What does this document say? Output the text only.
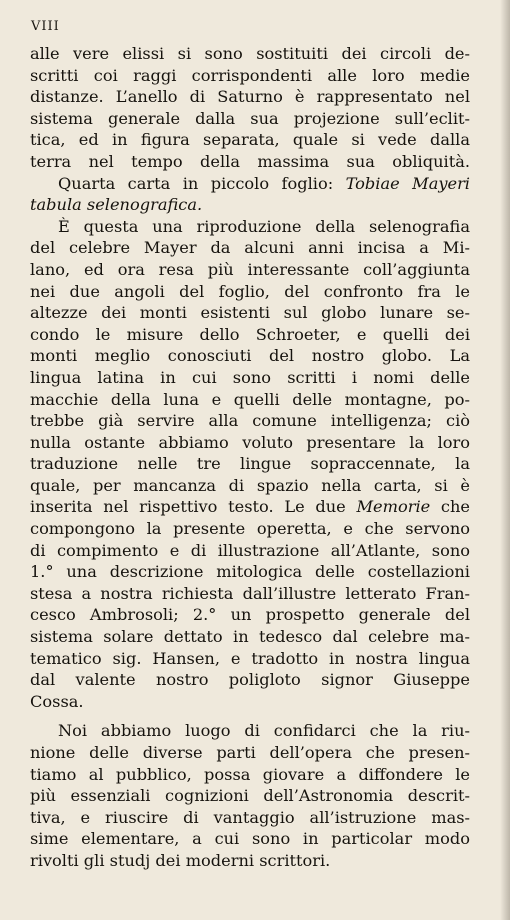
VIII
alle vere elissi si sono sostituiti dei circoli de-
scritti coi raggi corrispondenti alle loro medie
distanze. L’anello di Saturno è rappresentato nel
sistema generale dalla sua projezione sull’eclit-
tica, ed in figura separata, quale si vede dalla
terra nel tempo della massima sua obliquità.
Quarta carta in piccolo foglio: Tobiae Mayeri
tabula selenografica.
È questa una riproduzione della selenografia
del celebre Mayer da alcuni anni incisa a Mi-
lano, ed ora resa più interessante coll’aggiunta
nei due angoli del foglio, del confronto fra le
altezze dei monti esistenti sul globo lunare se-
condo le misure dello Schroeter, e quelli dei
monti meglio conosciuti del nostro globo. La
lingua latina in cui sono scritti i nomi delle
macchie della luna e quelli delle montagne, po-
trebbe già servire alla comune intelligenza; ciò
nulla ostante abbiamo voluto presentare la loro
traduzione nelle tre lingue sopraccennate, la
quale, per mancanza di spazio nella carta, si è
inserita nel rispettivo testo. Le due Memorie che
compongono la presente operetta, e che servono
di compimento e di illustrazione all’Atlante, sono
1.° una descrizione mitologica delle costellazioni
stesa a nostra richiesta dall’illustre letterato Fran-
cesco Ambrosoli; 2.° un prospetto generale del
sistema solare dettato in tedesco dal celebre ma-
tematico sig. Hansen, e tradotto in nostra lingua
dal valente nostro poligloto signor Giuseppe
Cossa.
Noi abbiamo luogo di confidarci che la riu-
nione delle diverse parti dell’opera che presen-
tiamo al pubblico, possa giovare a diffondere le
più essenziali cognizioni dell’Astronomia descrit-
tiva, e riuscire di vantaggio all’istruzione mas-
sime elementare, a cui sono in particolar modo
rivolti gli studj dei moderni scrittori.
